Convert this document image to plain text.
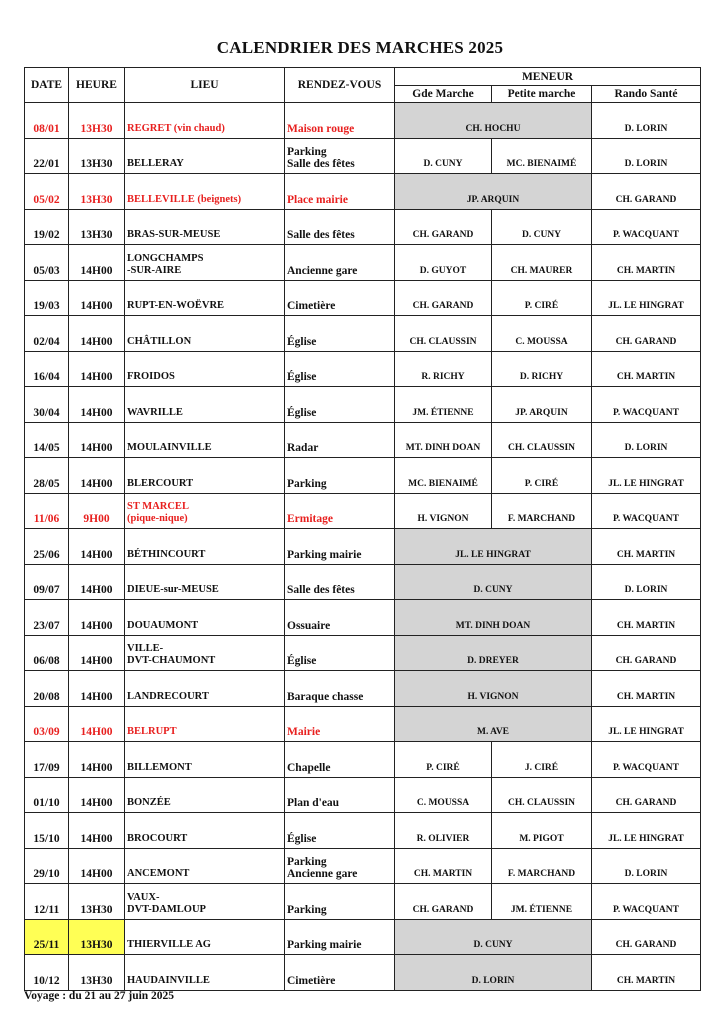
CALENDRIER DES MARCHES 2025
DATE	HEURE	LIEU	RENDEZ-VOUS	MENEUR		
				Gde Marche	Petite marche	Rando Santé
08/01	13H30	REGRET (vin chaud)	Maison rouge	CH. HOCHU		D. LORIN
22/01	13H30	BELLERAY	Parking
Salle des fêtes	D. CUNY	MC. BIENAIMÉ	D. LORIN
05/02	13H30	BELLEVILLE (beignets)	Place mairie	JP. ARQUIN		CH. GARAND
19/02	13H30	BRAS-SUR-MEUSE	Salle des fêtes	CH. GARAND	D. CUNY	P. WACQUANT
05/03	14H00	LONGCHAMPS
-SUR-AIRE	Ancienne gare	D. GUYOT	CH. MAURER	CH. MARTIN
19/03	14H00	RUPT-EN-WOËVRE	Cimetière	CH. GARAND	P. CIRÉ	JL. LE HINGRAT
02/04	14H00	CHÂTILLON	Église	CH. CLAUSSIN	C. MOUSSA	CH. GARAND
16/04	14H00	FROIDOS	Église	R. RICHY	D. RICHY	CH. MARTIN
30/04	14H00	WAVRILLE	Église	JM. ÉTIENNE	JP. ARQUIN	P. WACQUANT
14/05	14H00	MOULAINVILLE	Radar	MT. DINH DOAN	CH. CLAUSSIN	D. LORIN
28/05	14H00	BLERCOURT	Parking	MC. BIENAIMÉ	P. CIRÉ	JL. LE HINGRAT
11/06	9H00	ST MARCEL
(pique-nique)	Ermitage	H. VIGNON	F. MARCHAND	P. WACQUANT
25/06	14H00	BÉTHINCOURT	Parking mairie	JL. LE HINGRAT		CH. MARTIN
09/07	14H00	DIEUE-sur-MEUSE	Salle des fêtes	D. CUNY		D. LORIN
23/07	14H00	DOUAUMONT	Ossuaire	MT. DINH DOAN		CH. MARTIN
06/08	14H00	VILLE-
DVT-CHAUMONT	Église	D. DREYER		CH. GARAND
20/08	14H00	LANDRECOURT	Baraque chasse	H. VIGNON		CH. MARTIN
03/09	14H00	BELRUPT	Mairie	M. AVE		JL. LE HINGRAT
17/09	14H00	BILLEMONT	Chapelle	P. CIRÉ	J. CIRÉ	P. WACQUANT
01/10	14H00	BONZÉE	Plan d'eau	C. MOUSSA	CH. CLAUSSIN	CH. GARAND
15/10	14H00	BROCOURT	Église	R. OLIVIER	M. PIGOT	JL. LE HINGRAT
29/10	14H00	ANCEMONT	Parking
Ancienne gare	CH. MARTIN	F. MARCHAND	D. LORIN
12/11	13H30	VAUX-
DVT-DAMLOUP	Parking	CH. GARAND	JM. ÉTIENNE	P. WACQUANT
25/11	13H30	THIERVILLE AG	Parking mairie	D. CUNY		CH. GARAND
10/12	13H30	HAUDAINVILLE	Cimetière	D. LORIN		CH. MARTIN
Voyage : du 21 au 27 juin 2025
